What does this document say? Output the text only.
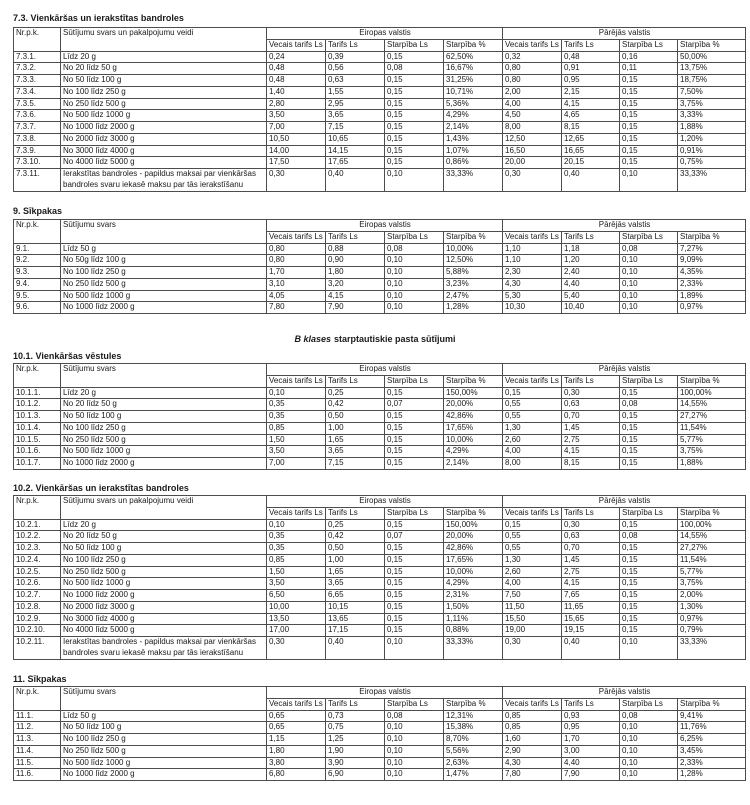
7.3. Vienkāršas un ierakstītas bandroles
Nr.p.k.	Sūtījumu svars un pakalpojumu veidi	Eiropas valstis				Pārējās valstis			
		Vecais tarifs Ls	Tarifs Ls	Starpība Ls	Starpība %	Vecais tarifs Ls	Tarifs Ls	Starpība Ls	Starpība %
7.3.1.	Līdz 20 g	0,24	0,39	0,15	62,50%	0,32	0,48	0,16	50,00%
7.3.2.	No 20 līdz 50 g	0,48	0,56	0,08	16,67%	0,80	0,91	0,11	13,75%
7.3.3.	No 50 līdz 100 g	0,48	0,63	0,15	31,25%	0,80	0,95	0,15	18,75%
7.3.4.	No 100 līdz 250 g	1,40	1,55	0,15	10,71%	2,00	2,15	0,15	7,50%
7.3.5.	No 250 līdz 500 g	2,80	2,95	0,15	5,36%	4,00	4,15	0,15	3,75%
7.3.6.	No 500 līdz 1000 g	3,50	3,65	0,15	4,29%	4,50	4,65	0,15	3,33%
7.3.7.	No 1000 līdz 2000 g	7,00	7,15	0,15	2,14%	8,00	8,15	0,15	1,88%
7.3.8.	No 2000 līdz 3000 g	10,50	10,65	0,15	1,43%	12,50	12,65	0,15	1,20%
7.3.9.	No 3000 līdz 4000 g	14,00	14,15	0,15	1,07%	16,50	16,65	0,15	0,91%
7.3.10.	No 4000 līdz 5000 g	17,50	17,65	0,15	0,86%	20,00	20,15	0,15	0,75%
7.3.11.	Ierakstītas bandroles - papildus maksai par vienkāršas bandroles svaru iekasē maksu par tās ierakstīšanu	0,30	0,40	0,10	33,33%	0,30	0,40	0,10	33,33%
9. Sīkpakas
Nr.p.k.	Sūtījumu svars	Eiropas valstis				Pārējās valstis			
		Vecais tarifs Ls	Tarifs Ls	Starpība Ls	Starpība %	Vecais tarifs Ls	Tarifs Ls	Starpība Ls	Starpība %
9.1.	Līdz 50 g	0,80	0,88	0,08	10,00%	1,10	1,18	0,08	7,27%
9.2.	No 50g līdz 100 g	0,80	0,90	0,10	12,50%	1,10	1,20	0,10	9,09%
9.3.	No 100 līdz 250 g	1,70	1,80	0,10	5,88%	2,30	2,40	0,10	4,35%
9.4.	No 250 līdz 500 g	3,10	3,20	0,10	3,23%	4,30	4,40	0,10	2,33%
9.5.	No 500 līdz 1000 g	4,05	4,15	0,10	2,47%	5,30	5,40	0,10	1,89%
9.6.	No 1000 līdz 2000 g	7,80	7,90	0,10	1,28%	10,30	10,40	0,10	0,97%
B klases starptautiskie pasta sūtījumi
10.1. Vienkāršas vēstules
Nr.p.k.	Sūtījumu svars	Eiropas valstis				Pārējās valstis			
		Vecais tarifs Ls	Tarifs Ls	Starpība Ls	Starpība %	Vecais tarifs Ls	Tarifs Ls	Starpība Ls	Starpība %
10.1.1.	Līdz 20 g	0,10	0,25	0,15	150,00%	0,15	0,30	0,15	100,00%
10.1.2.	No 20 līdz 50 g	0,35	0,42	0,07	20,00%	0,55	0,63	0,08	14,55%
10.1.3.	No 50 līdz 100 g	0,35	0,50	0,15	42,86%	0,55	0,70	0,15	27,27%
10.1.4.	No 100 līdz 250 g	0,85	1,00	0,15	17,65%	1,30	1,45	0,15	11,54%
10.1.5.	No 250 līdz 500 g	1,50	1,65	0,15	10,00%	2,60	2,75	0,15	5,77%
10.1.6.	No 500 līdz 1000 g	3,50	3,65	0,15	4,29%	4,00	4,15	0,15	3,75%
10.1.7.	No 1000 līdz 2000 g	7,00	7,15	0,15	2,14%	8,00	8,15	0,15	1,88%
10.2. Vienkāršas un ierakstītas bandroles
Nr.p.k.	Sūtījumu svars un pakalpojumu veidi	Eiropas valstis				Pārējās valstis			
		Vecais tarifs Ls	Tarifs Ls	Starpība Ls	Starpība %	Vecais tarifs Ls	Tarifs Ls	Starpība Ls	Starpība %
10.2.1.	Līdz 20 g	0,10	0,25	0,15	150,00%	0,15	0,30	0,15	100,00%
10.2.2.	No 20 līdz 50 g	0,35	0,42	0,07	20,00%	0,55	0,63	0,08	14,55%
10.2.3.	No 50 līdz 100 g	0,35	0,50	0,15	42,86%	0,55	0,70	0,15	27,27%
10.2.4.	No 100 līdz 250 g	0,85	1,00	0,15	17,65%	1,30	1,45	0,15	11,54%
10.2.5.	No 250 līdz 500 g	1,50	1,65	0,15	10,00%	2,60	2,75	0,15	5,77%
10.2.6.	No 500 līdz 1000 g	3,50	3,65	0,15	4,29%	4,00	4,15	0,15	3,75%
10.2.7.	No 1000 līdz 2000 g	6,50	6,65	0,15	2,31%	7,50	7,65	0,15	2,00%
10.2.8.	No 2000 līdz 3000 g	10,00	10,15	0,15	1,50%	11,50	11,65	0,15	1,30%
10.2.9.	No 3000 līdz 4000 g	13,50	13,65	0,15	1,11%	15,50	15,65	0,15	0,97%
10.2.10.	No 4000 līdz 5000 g	17,00	17,15	0,15	0,88%	19,00	19,15	0,15	0,79%
10.2.11.	Ierakstītas bandroles - papildus maksai par vienkāršas bandroles svaru iekasē maksu par tās ierakstīšanu	0,30	0,40	0,10	33,33%	0,30	0,40	0,10	33,33%
11. Sīkpakas
Nr.p.k.	Sūtījumu svars	Eiropas valstis				Pārējās valstis			
		Vecais tarifs Ls	Tarifs Ls	Starpība Ls	Starpība %	Vecais tarifs Ls	Tarifs Ls	Starpība Ls	Starpība %
11.1.	Līdz 50 g	0,65	0,73	0,08	12,31%	0,85	0,93	0,08	9,41%
11.2.	No 50 līdz 100 g	0,65	0,75	0,10	15,38%	0,85	0,95	0,10	11,76%
11.3.	No 100 līdz 250 g	1,15	1,25	0,10	8,70%	1,60	1,70	0,10	6,25%
11.4.	No 250 līdz 500 g	1,80	1,90	0,10	5,56%	2,90	3,00	0,10	3,45%
11.5.	No 500 līdz 1000 g	3,80	3,90	0,10	2,63%	4,30	4,40	0,10	2,33%
11.6.	No 1000 līdz 2000 g	6,80	6,90	0,10	1,47%	7,80	7,90	0,10	1,28%
